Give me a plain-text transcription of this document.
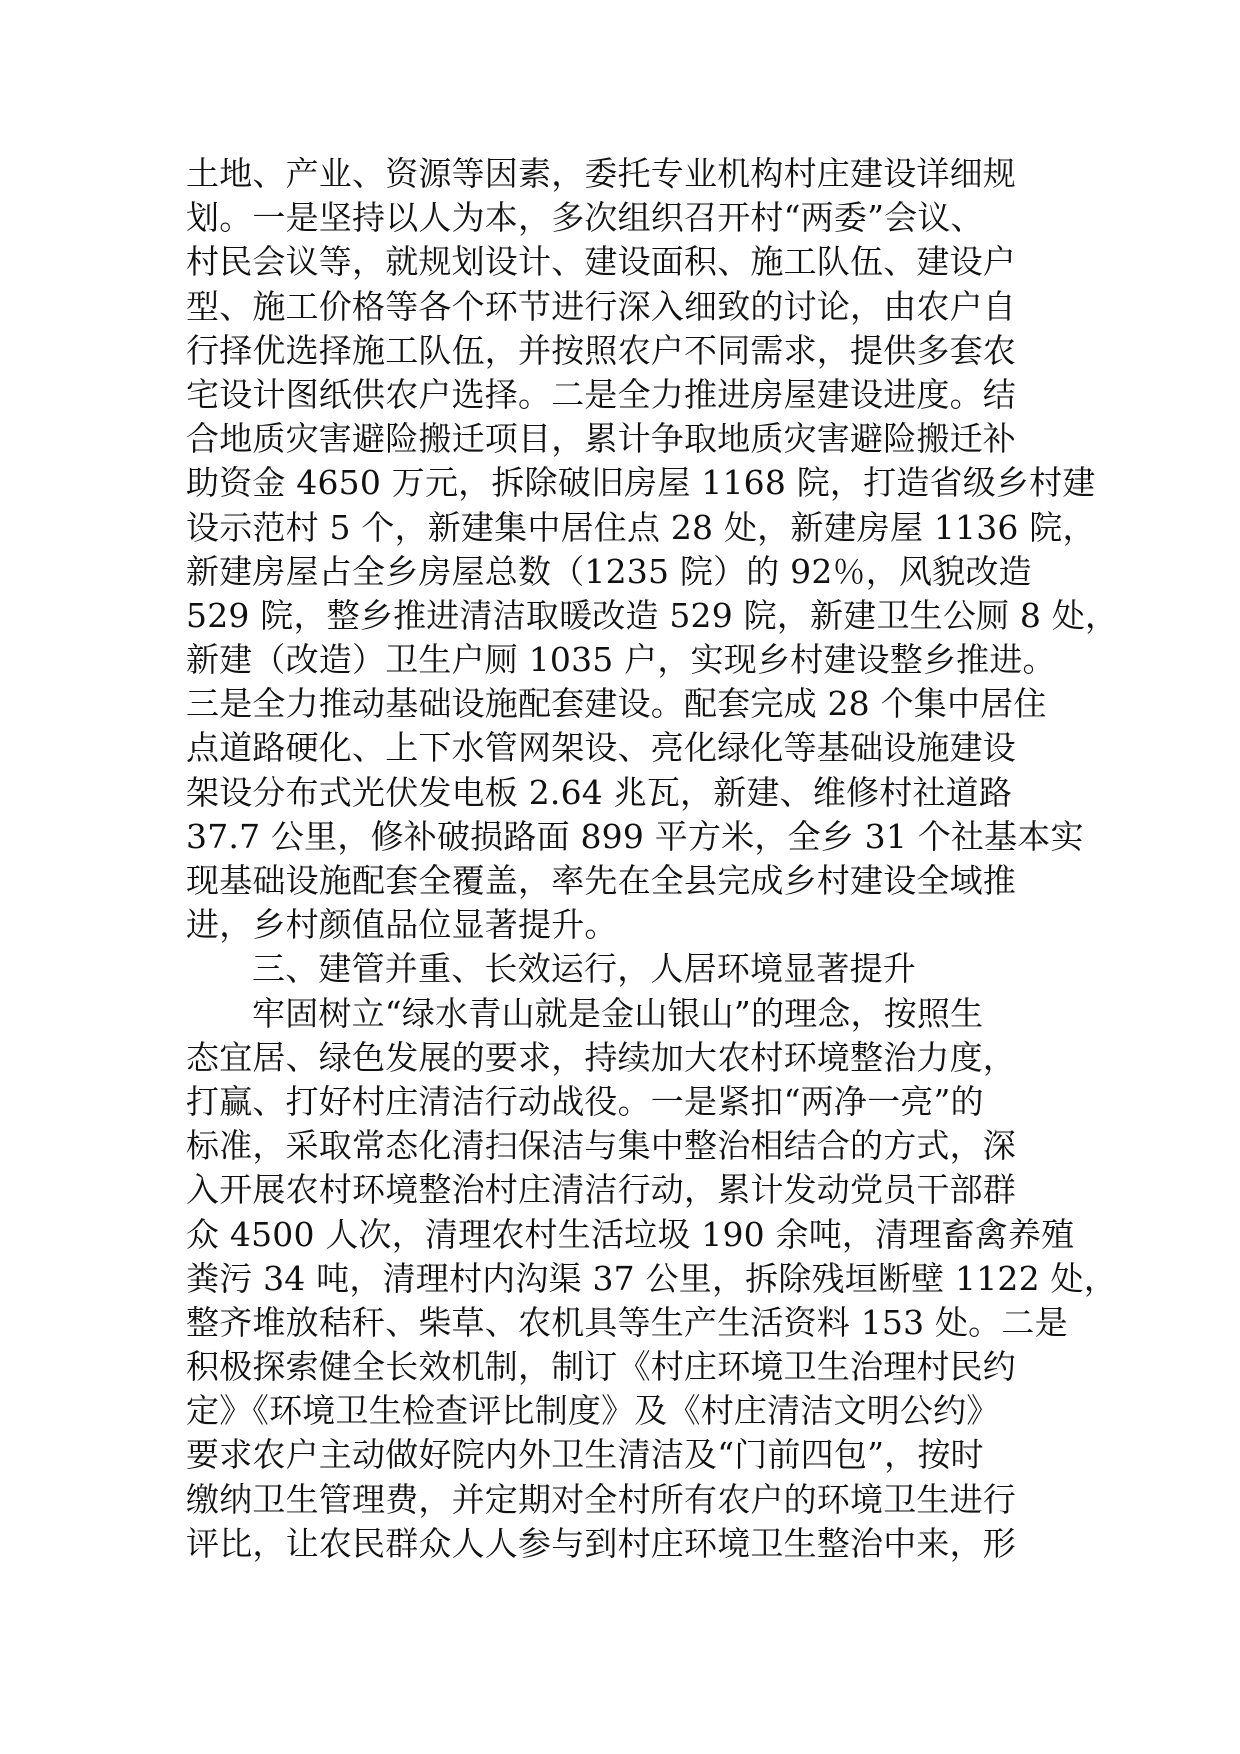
土地、产业、资源等因素，委托专业机构村庄建设详细规
划。一是坚持以人为本，多次组织召开村“两委”会议、
村民会议等，就规划设计、建设面积、施工队伍、建设户
型、施工价格等各个环节进行深入细致的讨论，由农户自
行择优选择施工队伍，并按照农户不同需求，提供多套农
宅设计图纸供农户选择。二是全力推进房屋建设进度。结
合地质灾害避险搬迁项目，累计争取地质灾害避险搬迁补
助资金 4650 万元，拆除破旧房屋 1168 院，打造省级乡村建
设示范村 5 个，新建集中居住点 28 处，新建房屋 1136 院，
新建房屋占全乡房屋总数（1235 院）的 92％，风貌改造
529 院，整乡推进清洁取暖改造 529 院，新建卫生公厕 8 处，
新建（改造）卫生户厕 1035 户，实现乡村建设整乡推进。
三是全力推动基础设施配套建设。配套完成 28 个集中居住
点道路硬化、上下水管网架设、亮化绿化等基础设施建设
架设分布式光伏发电板 2.64 兆瓦，新建、维修村社道路
37.7 公里，修补破损路面 899 平方米，全乡 31 个社基本实
现基础设施配套全覆盖，率先在全县完成乡村建设全域推
进，乡村颜值品位显著提升。
三、建管并重、长效运行，人居环境显著提升
牢固树立“绿水青山就是金山银山”的理念，按照生
态宜居、绿色发展的要求，持续加大农村环境整治力度，
打赢、打好村庄清洁行动战役。一是紧扣“两净一亮”的
标准，采取常态化清扫保洁与集中整治相结合的方式，深
入开展农村环境整治村庄清洁行动，累计发动党员干部群
众 4500 人次，清理农村生活垃圾 190 余吨，清理畜禽养殖
粪污 34 吨，清理村内沟渠 37 公里，拆除残垣断壁 1122 处，
整齐堆放秸秆、柴草、农机具等生产生活资料 153 处。二是
积极探索健全长效机制，制订《村庄环境卫生治理村民约
定》《环境卫生检查评比制度》及《村庄清洁文明公约》
要求农户主动做好院内外卫生清洁及“门前四包”，按时
缴纳卫生管理费，并定期对全村所有农户的环境卫生进行
评比，让农民群众人人参与到村庄环境卫生整治中来，形
